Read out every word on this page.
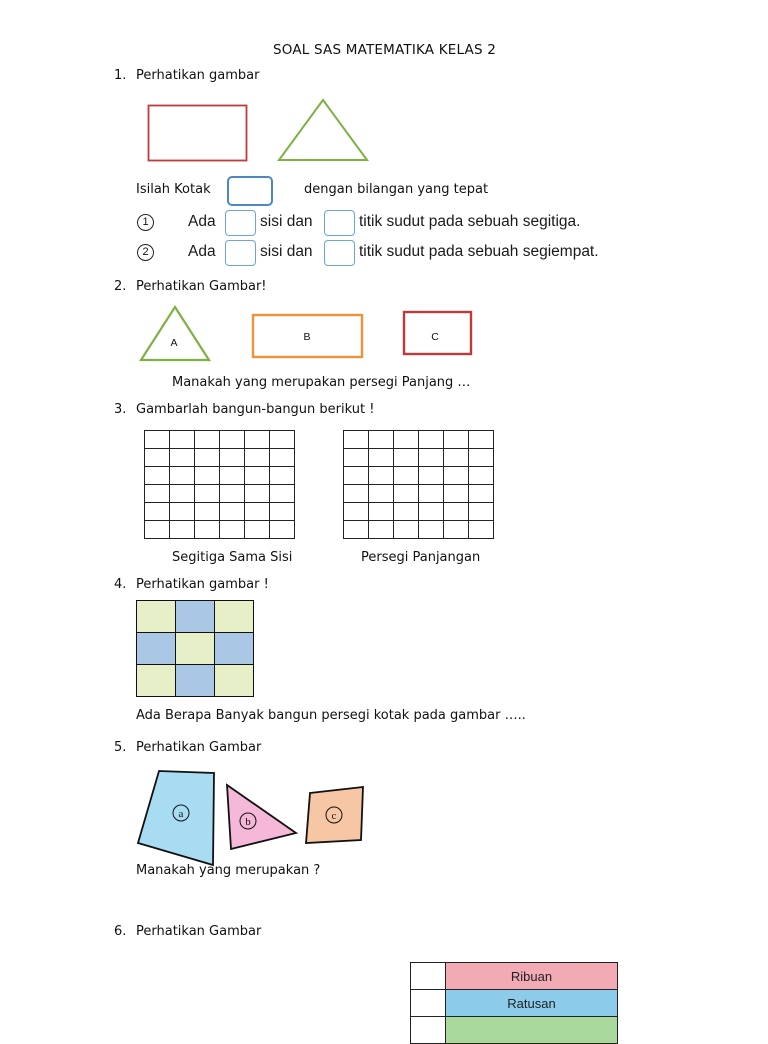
SOAL SAS MATEMATIKA KELAS 2
1. Perhatikan gambar
Isilah Kotak	dengan bilangan yang tepat
1	Ada	sisi dan	titik sudut pada sebuah segitiga.
2	Ada	sisi dan	titik sudut pada sebuah segiempat.
2. Perhatikan Gambar!
A	B	C
Manakah yang merupakan persegi Panjang …
3. Gambarlah bangun-bangun berikut !
Segitiga Sama Sisi	Persegi Panjangan
4. Perhatikan gambar !
Ada Berapa Banyak bangun persegi kotak pada gambar …..
5. Perhatikan Gambar
a
b	c
Manakah yang merupakan ?
6. Perhatikan Gambar
	Ribuan
	Ratusan
